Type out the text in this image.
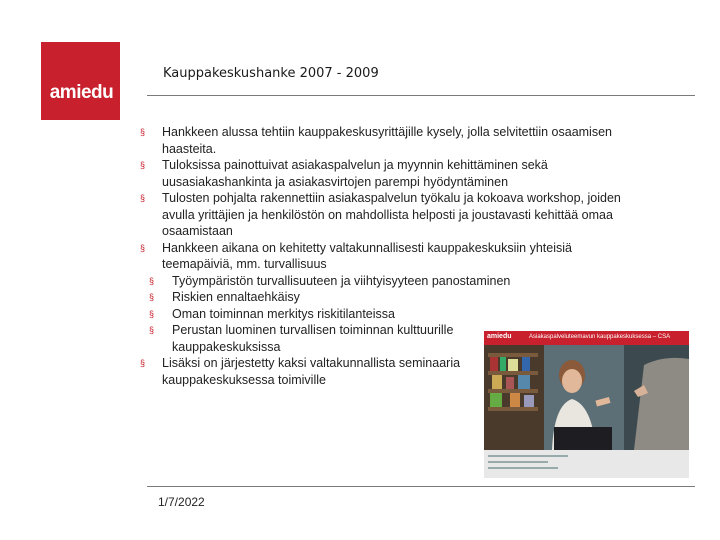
amiedu
Kauppakeskushanke 2007 - 2009
§ Hankkeen alussa tehtiin kauppakeskusyrittäjille kysely, jolla selvitettiin osaamisen haasteita.
§ Tuloksissa painottuivat asiakaspalvelun ja myynnin kehittäminen sekä uusasiakashankinta ja asiakasvirtojen parempi hyödyntäminen
§ Tulosten pohjalta rakennettiin asiakaspalvelun työkalu ja kokoava workshop, joiden avulla yrittäjien ja henkilöstön on mahdollista helposti ja joustavasti kehittää omaa osaamistaan
§ Hankkeen aikana on kehitetty valtakunnallisesti kauppakeskuksiin yhteisiä teemapäiviä, mm. turvallisuus
§ Työympäristön turvallisuuteen ja viihtyisyyteen panostaminen
§ Riskien ennaltaehkäisy
§ Oman toiminnan merkitys riskitilanteissa
§ Perustan luominen turvallisen toiminnan kulttuurille kauppakeskuksissa
§ Lisäksi on järjestetty kaksi valtakunnallista seminaaria kauppakeskuksessa toimiville
amiedu	Asiakaspalveluteemavun kauppakeskuksessa – CSA
1/7/2022
